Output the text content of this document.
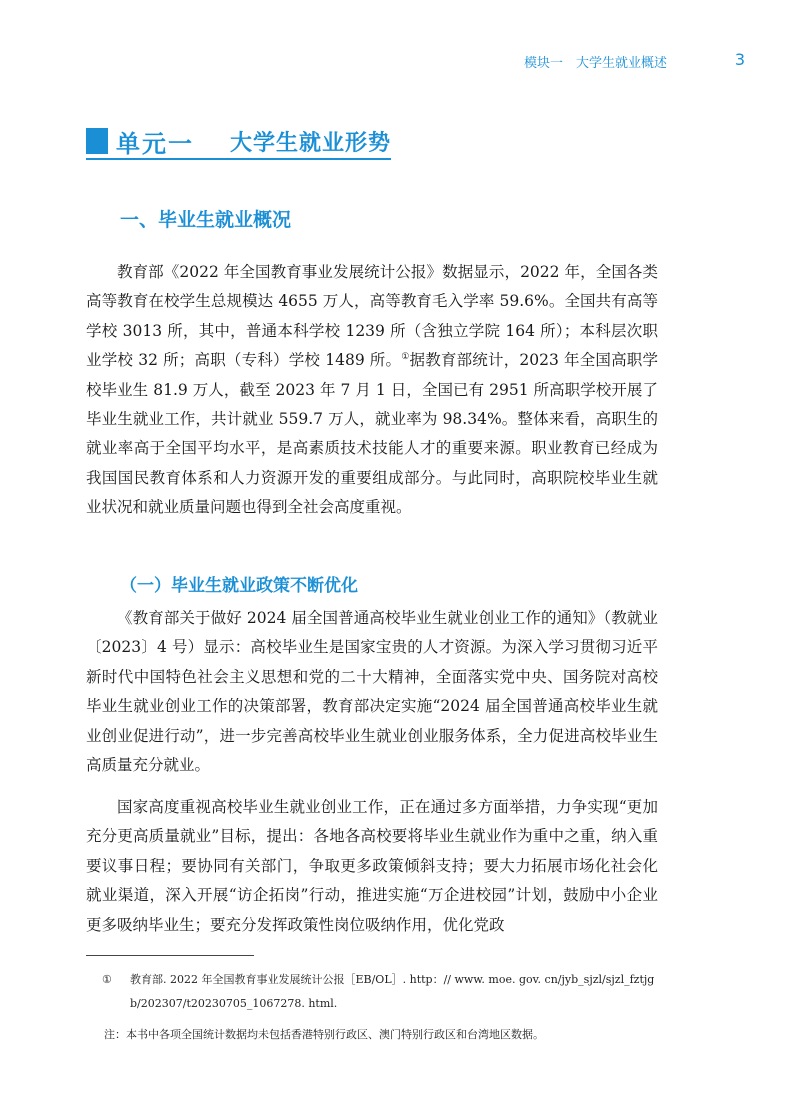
模块一　大学生就业概述	3
单元一 大学生就业形势
一、毕业生就业概况

教育部《2022 年全国教育事业发展统计公报》数据显示，2022 年，全国各类高等教育在校学生总规模达 4655 万人，高等教育毛入学率 59.6%。全国共有高等学校 3013 所，其中，普通本科学校 1239 所（含独立学院 164 所）；本科层次职业学校 32 所；高职（专科）学校 1489 所。①据教育部统计，2023 年全国高职学校毕业生 81.9 万人，截至 2023 年 7 月 1 日，全国已有 2951 所高职学校开展了毕业生就业工作，共计就业 559.7 万人，就业率为 98.34%。整体来看，高职生的就业率高于全国平均水平，是高素质技术技能人才的重要来源。职业教育已经成为我国国民教育体系和人力资源开发的重要组成部分。与此同时，高职院校毕业生就业状况和就业质量问题也得到全社会高度重视。

（一）毕业生就业政策不断优化

《教育部关于做好 2024 届全国普通高校毕业生就业创业工作的通知》（教就业〔2023〕4 号）显示：高校毕业生是国家宝贵的人才资源。为深入学习贯彻习近平新时代中国特色社会主义思想和党的二十大精神，全面落实党中央、国务院对高校毕业生就业创业工作的决策部署，教育部决定实施“2024 届全国普通高校毕业生就业创业促进行动”，进一步完善高校毕业生就业创业服务体系，全力促进高校毕业生高质量充分就业。

国家高度重视高校毕业生就业创业工作，正在通过多方面举措，力争实现“更加充分更高质量就业”目标，提出：各地各高校要将毕业生就业作为重中之重，纳入重要议事日程；要协同有关部门，争取更多政策倾斜支持；要大力拓展市场化社会化就业渠道，深入开展“访企拓岗”行动，推进实施“万企进校园”计划，鼓励中小企业更多吸纳毕业生；要充分发挥政策性岗位吸纳作用，优化党政

①	教育部. 2022 年全国教育事业发展统计公报［EB/OL］. http：// www. moe. gov. cn/jyb_sjzl/sjzl_fztjgb/202307/t20230705_1067278. html.
注：本书中各项全国统计数据均未包括香港特别行政区、澳门特别行政区和台湾地区数据。
